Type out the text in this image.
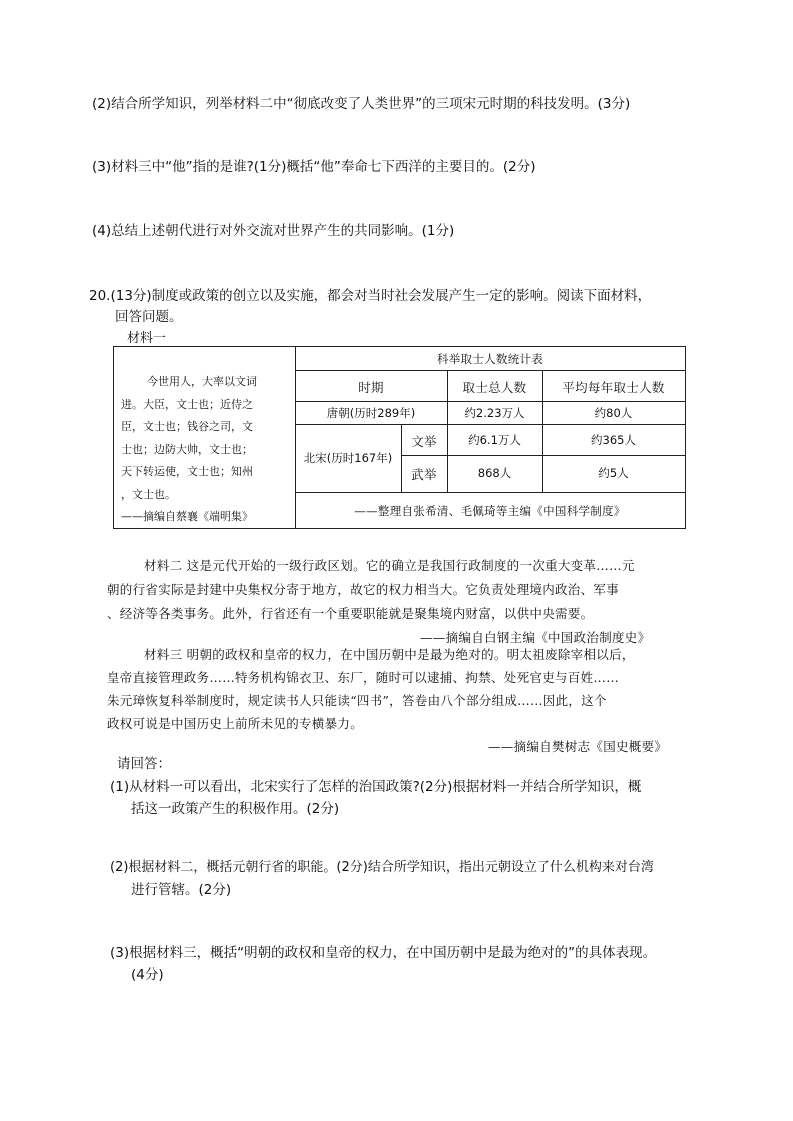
(2)结合所学知识，列举材料二中“彻底改变了人类世界”的三项宋元时期的科技发明。(3分)
(3)材料三中“他”指的是谁?(1分)概括“他”奉命七下西洋的主要目的。(2分)
(4)总结上述朝代进行对外交流对世界产生的共同影响。(1分)
20.(13分)制度或政策的创立以及实施，都会对当时社会发展产生一定的影响。阅读下面材料，
回答问题。
材料一
今世用人，大率以文词
进。大臣，文士也；近侍之
臣，文士也；钱谷之司，文
士也；边防大帅，文士也；
天下转运使，文士也；知州
，文士也。
——摘编自蔡襄《端明集》
科举取士人数统计表
时期	取士总人数	平均每年取士人数
唐朝(历时289年)	约2.23万人	约80人
北宋(历时167年)
文举	约6.1万人	约365人
武举	868人	约5人
——整理自张希清、毛佩琦等主编《中国科学制度》
材料二 这是元代开始的一级行政区划。它的确立是我国行政制度的一次重大变革……元
朝的行省实际是封建中央集权分寄于地方，故它的权力相当大。它负责处理境内政治、军事
、经济等各类事务。此外，行省还有一个重要职能就是聚集境内财富，以供中央需要。
——摘编自白钢主编《中国政治制度史》
材料三 明朝的政权和皇帝的权力，在中国历朝中是最为绝对的。明太祖废除宰相以后，
皇帝直接管理政务……特务机构锦衣卫、东厂，随时可以逮捕、拘禁、处死官吏与百姓……
朱元璋恢复科举制度时，规定读书人只能读“四书”，答卷由八个部分组成……因此，这个
政权可说是中国历史上前所未见的专横暴力。
——摘编自樊树志《国史概要》
请回答：
(1)从材料一可以看出，北宋实行了怎样的治国政策?(2分)根据材料一并结合所学知识，概
括这一政策产生的积极作用。(2分)
(2)根据材料二，概括元朝行省的职能。(2分)结合所学知识，指出元朝设立了什么机构来对台湾
进行管辖。(2分)
(3)根据材料三，概括“明朝的政权和皇帝的权力，在中国历朝中是最为绝对的”的具体表现。
(4分)
